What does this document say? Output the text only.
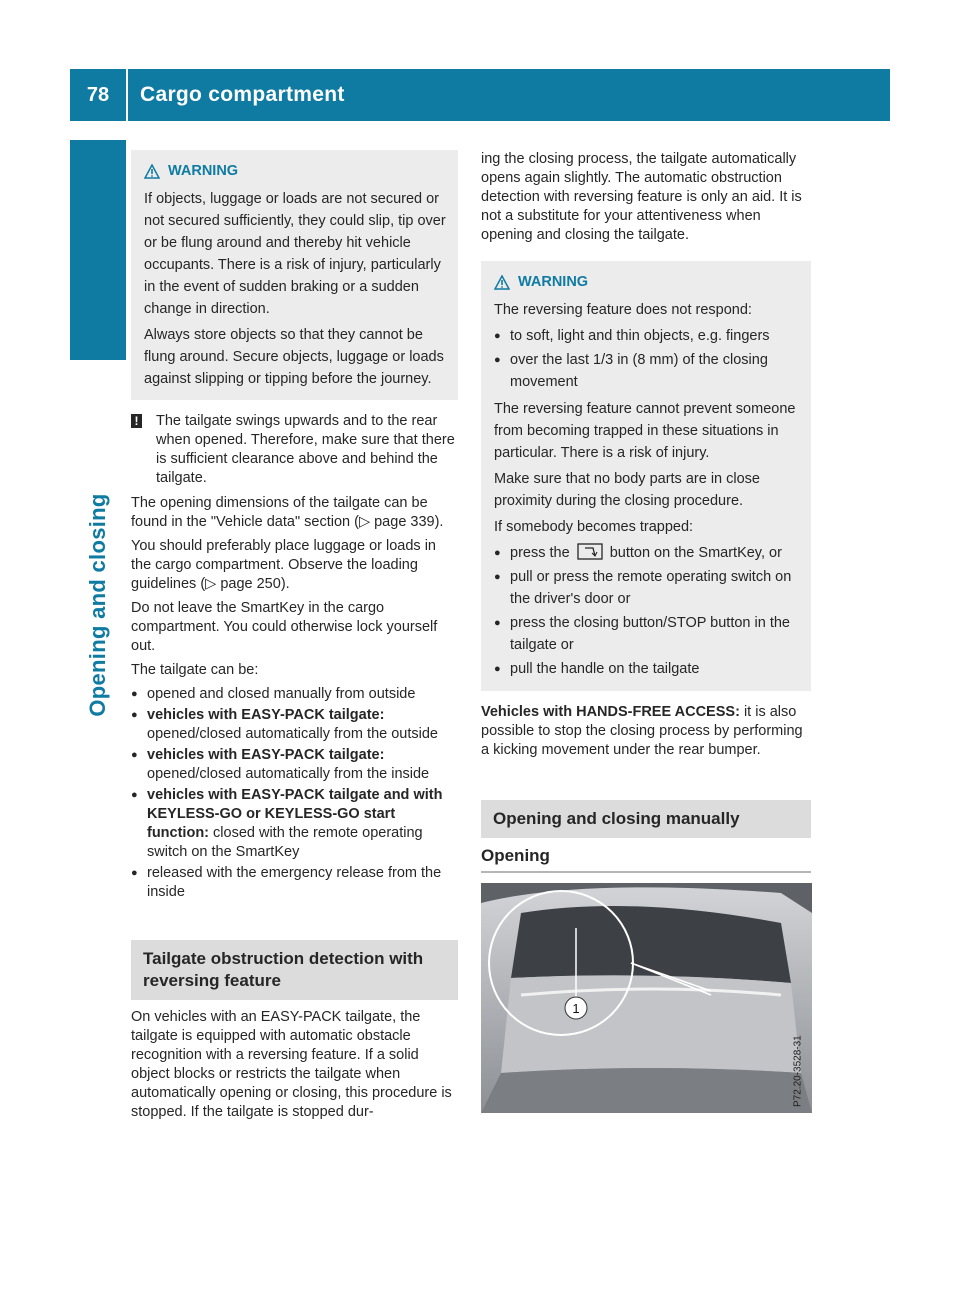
78	Cargo compartment
Opening and closing

WARNING

If objects, luggage or loads are not secured or not secured sufficiently, they could slip, tip over or be flung around and thereby hit vehicle occupants. There is a risk of injury, particularly in the event of sudden braking or a sudden change in direction.

Always store objects so that they cannot be flung around. Secure objects, luggage or loads against slipping or tipping before the journey.

! The tailgate swings upwards and to the rear when opened. Therefore, make sure that there is sufficient clearance above and behind the tailgate.

The opening dimensions of the tailgate can be found in the "Vehicle data" section (▷ page 339).

You should preferably place luggage or loads in the cargo compartment. Observe the loading guidelines (▷ page 250).

Do not leave the SmartKey in the cargo compartment. You could otherwise lock yourself out.

The tailgate can be:

● opened and closed manually from outside
● vehicles with EASY-PACK tailgate:
opened/closed automatically from the outside
● vehicles with EASY-PACK tailgate:
opened/closed automatically from the inside
● vehicles with EASY-PACK tailgate and with KEYLESS-GO or KEYLESS-GO start function: closed with the remote operating switch on the SmartKey
● released with the emergency release from the inside
Tailgate obstruction detection with reversing feature

On vehicles with an EASY-PACK tailgate, the tailgate is equipped with automatic obstacle recognition with a reversing feature. If a solid object blocks or restricts the tailgate when automatically opening or closing, this procedure is stopped. If the tailgate is stopped dur-

ing the closing process, the tailgate automatically opens again slightly. The automatic obstruction detection with reversing feature is only an aid. It is not a substitute for your attentiveness when opening and closing the tailgate.

WARNING

The reversing feature does not respond:

● to soft, light and thin objects, e.g. fingers
● over the last 1/3 in (8 mm) of the closing movement

The reversing feature cannot prevent someone from becoming trapped in these situations in particular. There is a risk of injury.

Make sure that no body parts are in close proximity during the closing procedure.

If somebody becomes trapped:

● press the	button on the SmartKey, or
● pull or press the remote operating switch on the driver's door or
● press the closing button/STOP button in the tailgate or
● pull the handle on the tailgate

Vehicles with HANDS-FREE ACCESS: it is also possible to stop the closing process by performing a kicking movement under the rear bumper.

Opening and closing manually
Opening
1
P72.20-3528-31
